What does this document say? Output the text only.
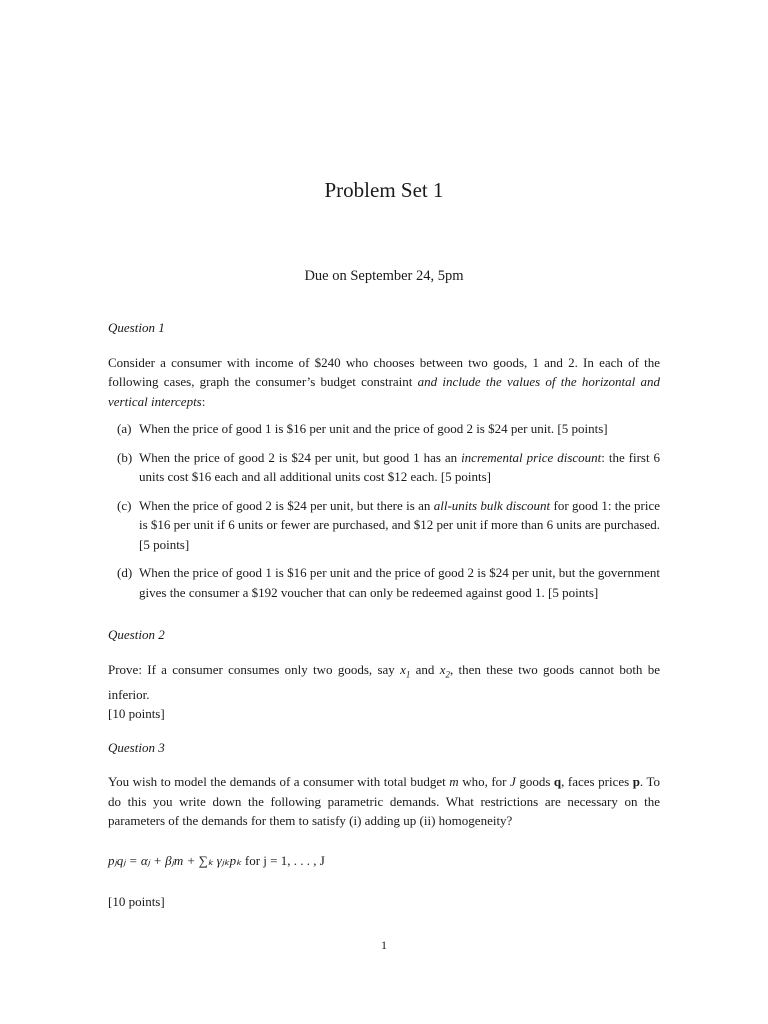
Problem Set 1
Due on September 24, 5pm
Question 1

Consider a consumer with income of $240 who chooses between two goods, 1 and 2. In each of the following cases, graph the consumer’s budget constraint and include the values of the horizontal and vertical intercepts:

(a) When the price of good 1 is $16 per unit and the price of good 2 is $24 per unit. [5 points]
(b) When the price of good 2 is $24 per unit, but good 1 has an incremental price discount: the first 6 units cost $16 each and all additional units cost $12 each. [5 points]
(c) When the price of good 2 is $24 per unit, but there is an all-units bulk discount for good 1: the price is $16 per unit if 6 units or fewer are purchased, and $12 per unit if more than 6 units are purchased. [5 points]
(d) When the price of good 1 is $16 per unit and the price of good 2 is $24 per unit, but the government gives the consumer a $192 voucher that can only be redeemed against good 1. [5 points]
Question 2

Prove: If a consumer consumes only two goods, say $x_1$ and $x_2$, then these two goods cannot both be inferior.

[10 points]

Question 3

You wish to model the demands of a consumer with total budget m who, for J goods q, faces prices p. To do this you write down the following parametric demands. What restrictions are necessary on the parameters of the demands for them to satisfy (i) adding up (ii) homogeneity?

pⱼqⱼ = αⱼ + βⱼm + ∑ₖ γⱼₖpₖ for j = 1, . . . , J

[10 points]

1
